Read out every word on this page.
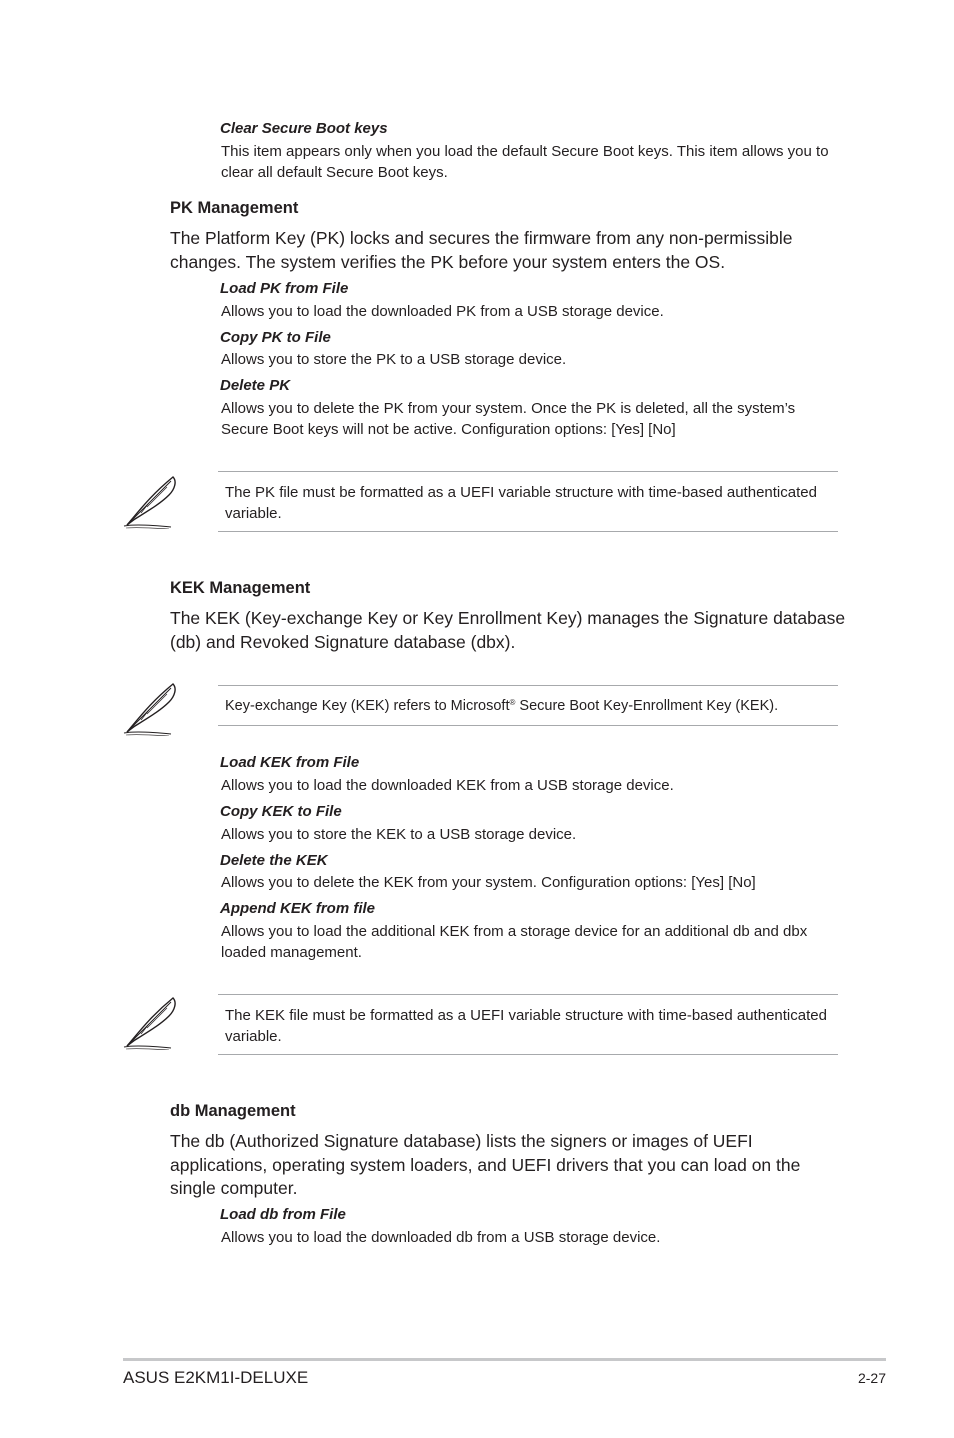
Clear Secure Boot keys
This item appears only when you load the default Secure Boot keys. This item allows you to clear all default Secure Boot keys.
PK Management
The Platform Key (PK) locks and secures the firmware from any non-permissible changes. The system verifies the PK before your system enters the OS.
Load PK from File
Allows you to load the downloaded PK from a USB storage device.
Copy PK to File
Allows you to store the PK to a USB storage device.
Delete PK
Allows you to delete the PK from your system. Once the PK is deleted, all the system’s Secure Boot keys will not be active. Configuration options: [Yes] [No]
The PK file must be formatted as a UEFI variable structure with time-based authenticated variable.
KEK Management
The KEK (Key-exchange Key or Key Enrollment Key) manages the Signature database (db) and Revoked Signature database (dbx).
Key-exchange Key (KEK) refers to Microsoft® Secure Boot Key-Enrollment Key (KEK).
Load KEK from File
Allows you to load the downloaded KEK from a USB storage device.
Copy KEK to File
Allows you to store the KEK to a USB storage device.
Delete the KEK
Allows you to delete the KEK from your system. Configuration options: [Yes] [No]
Append KEK from file
Allows you to load the additional KEK from a storage device for an additional db and dbx loaded management.
The KEK file must be formatted as a UEFI variable structure with time-based authenticated variable.
db Management
The db (Authorized Signature database) lists the signers or images of UEFI applications, operating system loaders, and UEFI drivers that you can load on the single computer.
Load db from File
Allows you to load the downloaded db from a USB storage device.
ASUS E2KM1I-DELUXE	2-27
